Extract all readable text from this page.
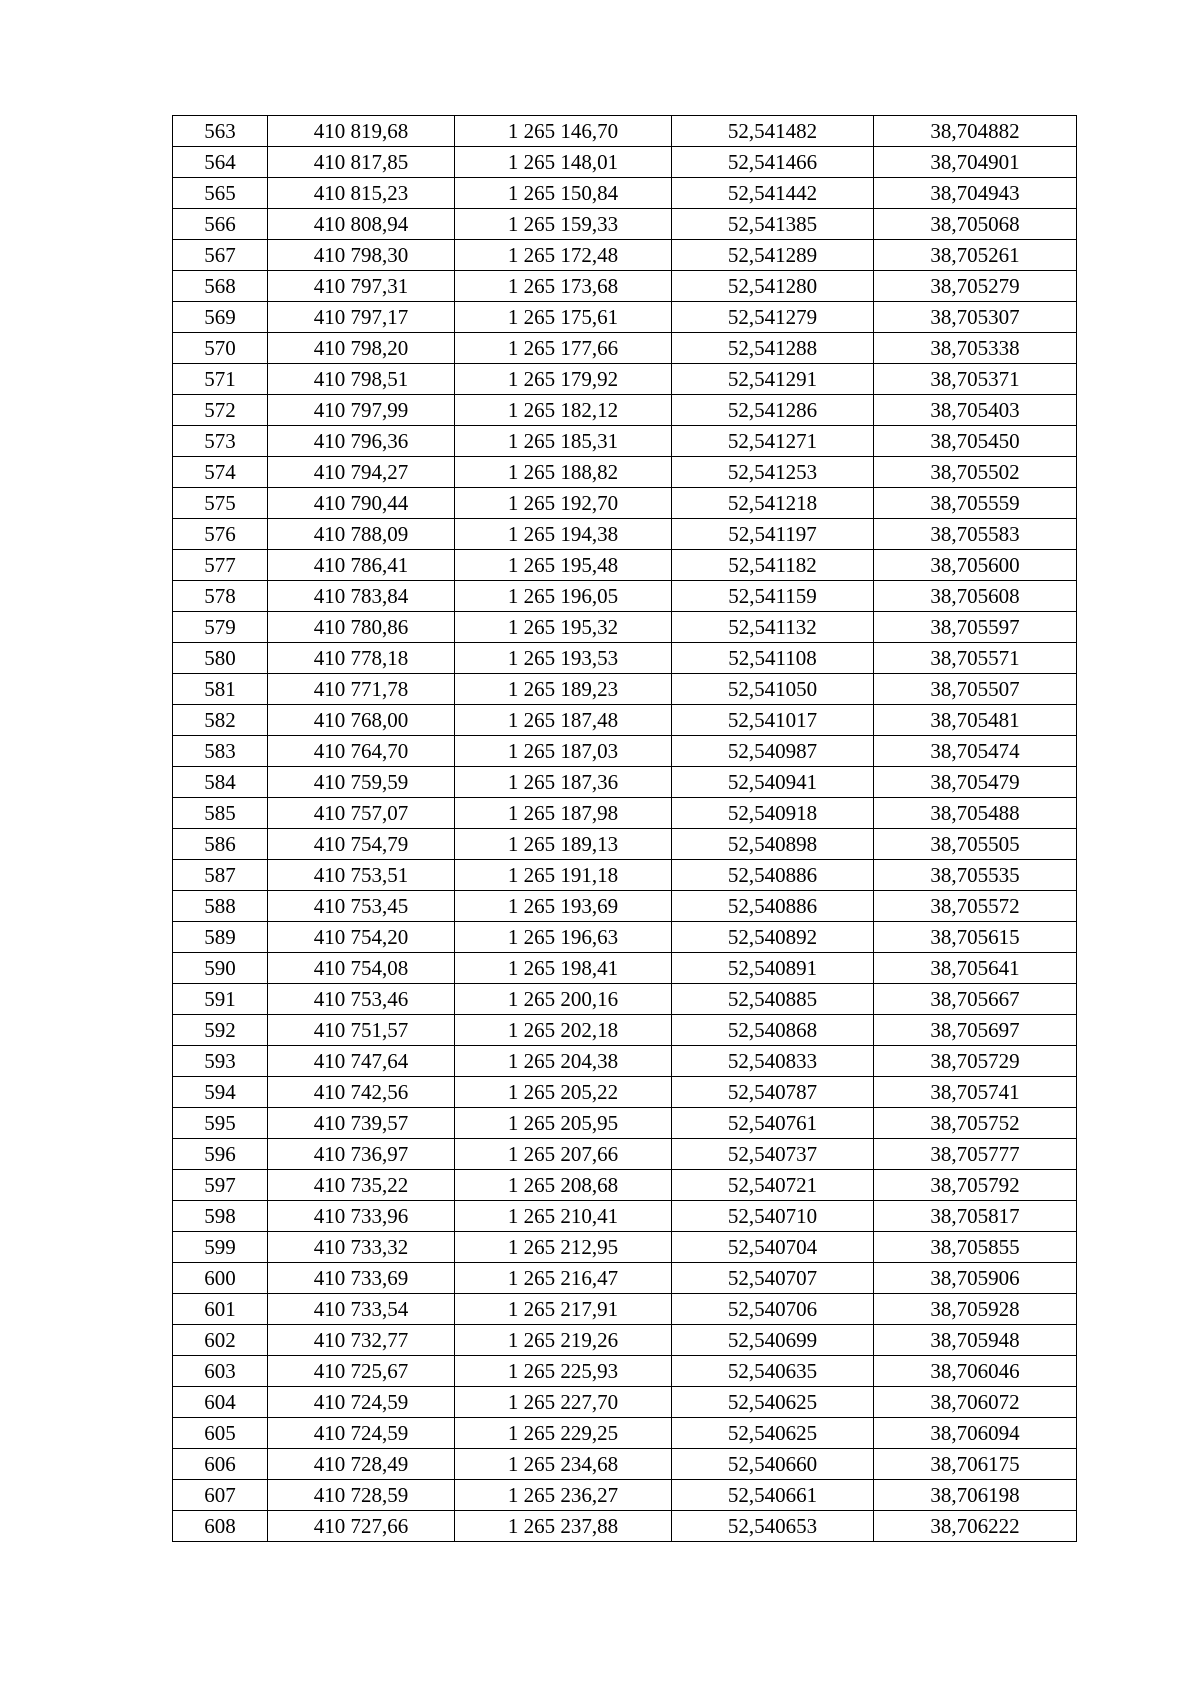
563	410 819,68	1 265 146,70	52,541482	38,704882
564	410 817,85	1 265 148,01	52,541466	38,704901
565	410 815,23	1 265 150,84	52,541442	38,704943
566	410 808,94	1 265 159,33	52,541385	38,705068
567	410 798,30	1 265 172,48	52,541289	38,705261
568	410 797,31	1 265 173,68	52,541280	38,705279
569	410 797,17	1 265 175,61	52,541279	38,705307
570	410 798,20	1 265 177,66	52,541288	38,705338
571	410 798,51	1 265 179,92	52,541291	38,705371
572	410 797,99	1 265 182,12	52,541286	38,705403
573	410 796,36	1 265 185,31	52,541271	38,705450
574	410 794,27	1 265 188,82	52,541253	38,705502
575	410 790,44	1 265 192,70	52,541218	38,705559
576	410 788,09	1 265 194,38	52,541197	38,705583
577	410 786,41	1 265 195,48	52,541182	38,705600
578	410 783,84	1 265 196,05	52,541159	38,705608
579	410 780,86	1 265 195,32	52,541132	38,705597
580	410 778,18	1 265 193,53	52,541108	38,705571
581	410 771,78	1 265 189,23	52,541050	38,705507
582	410 768,00	1 265 187,48	52,541017	38,705481
583	410 764,70	1 265 187,03	52,540987	38,705474
584	410 759,59	1 265 187,36	52,540941	38,705479
585	410 757,07	1 265 187,98	52,540918	38,705488
586	410 754,79	1 265 189,13	52,540898	38,705505
587	410 753,51	1 265 191,18	52,540886	38,705535
588	410 753,45	1 265 193,69	52,540886	38,705572
589	410 754,20	1 265 196,63	52,540892	38,705615
590	410 754,08	1 265 198,41	52,540891	38,705641
591	410 753,46	1 265 200,16	52,540885	38,705667
592	410 751,57	1 265 202,18	52,540868	38,705697
593	410 747,64	1 265 204,38	52,540833	38,705729
594	410 742,56	1 265 205,22	52,540787	38,705741
595	410 739,57	1 265 205,95	52,540761	38,705752
596	410 736,97	1 265 207,66	52,540737	38,705777
597	410 735,22	1 265 208,68	52,540721	38,705792
598	410 733,96	1 265 210,41	52,540710	38,705817
599	410 733,32	1 265 212,95	52,540704	38,705855
600	410 733,69	1 265 216,47	52,540707	38,705906
601	410 733,54	1 265 217,91	52,540706	38,705928
602	410 732,77	1 265 219,26	52,540699	38,705948
603	410 725,67	1 265 225,93	52,540635	38,706046
604	410 724,59	1 265 227,70	52,540625	38,706072
605	410 724,59	1 265 229,25	52,540625	38,706094
606	410 728,49	1 265 234,68	52,540660	38,706175
607	410 728,59	1 265 236,27	52,540661	38,706198
608	410 727,66	1 265 237,88	52,540653	38,706222
